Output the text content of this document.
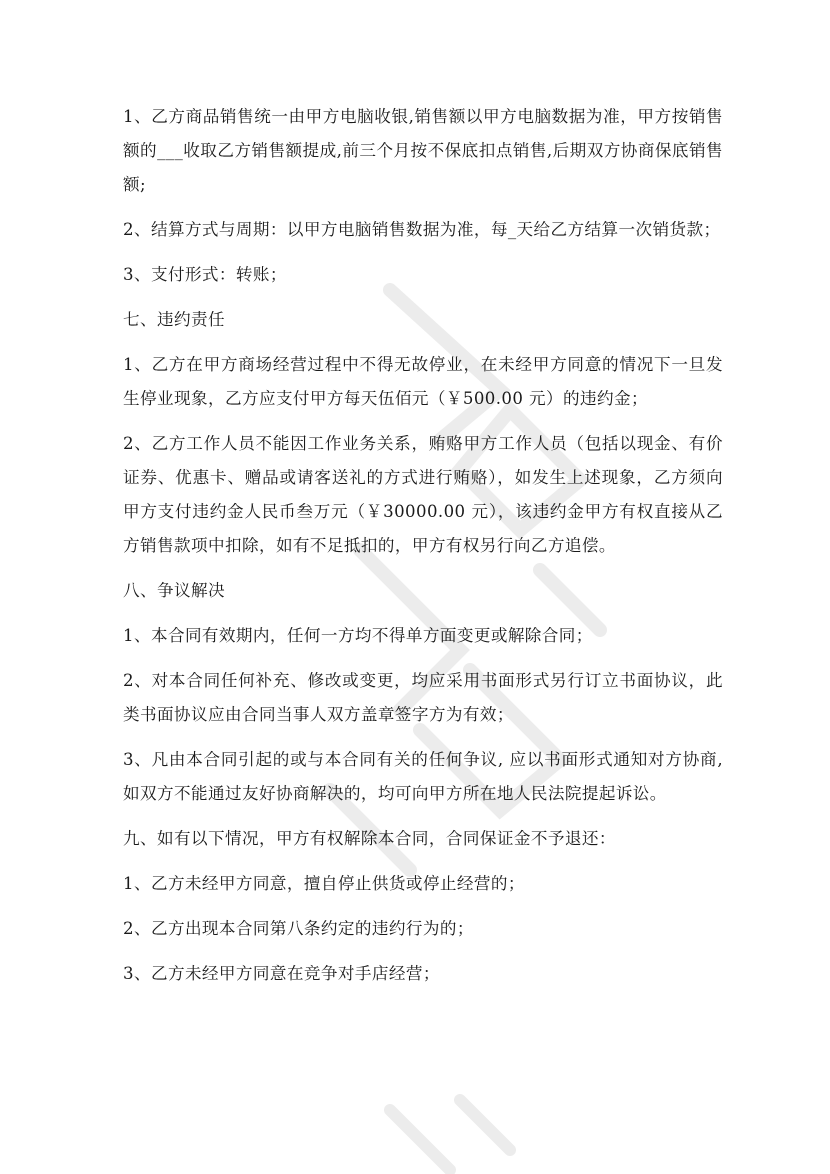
1、乙方商品销售统一由甲方电脑收银,销售额以甲方电脑数据为准，甲方按销售额的___收取乙方销售额提成,前三个月按不保底扣点销售,后期双方协商保底销售额;

2、结算方式与周期：以甲方电脑销售数据为准，每_天给乙方结算一次销货款；

3、支付形式：转账；

七、违约责任

1、乙方在甲方商场经营过程中不得无故停业，在未经甲方同意的情况下一旦发生停业现象，乙方应支付甲方每天伍佰元（￥500.00 元）的违约金；

2、乙方工作人员不能因工作业务关系，贿赂甲方工作人员（包括以现金、有价证券、优惠卡、赠品或请客送礼的方式进行贿赂），如发生上述现象，乙方须向甲方支付违约金人民币叁万元（￥30000.00 元），该违约金甲方有权直接从乙方销售款项中扣除，如有不足抵扣的，甲方有权另行向乙方追偿。

八、争议解决

1、本合同有效期内，任何一方均不得单方面变更或解除合同；

2、对本合同任何补充、修改或变更，均应采用书面形式另行订立书面协议，此类书面协议应由合同当事人双方盖章签字方为有效；

3、凡由本合同引起的或与本合同有关的任何争议, 应以书面形式通知对方协商,如双方不能通过友好协商解决的，均可向甲方所在地人民法院提起诉讼。

九、如有以下情况，甲方有权解除本合同，合同保证金不予退还：

1、乙方未经甲方同意，擅自停止供货或停止经营的；

2、乙方出现本合同第八条约定的违约行为的；

3、乙方未经甲方同意在竞争对手店经营；
